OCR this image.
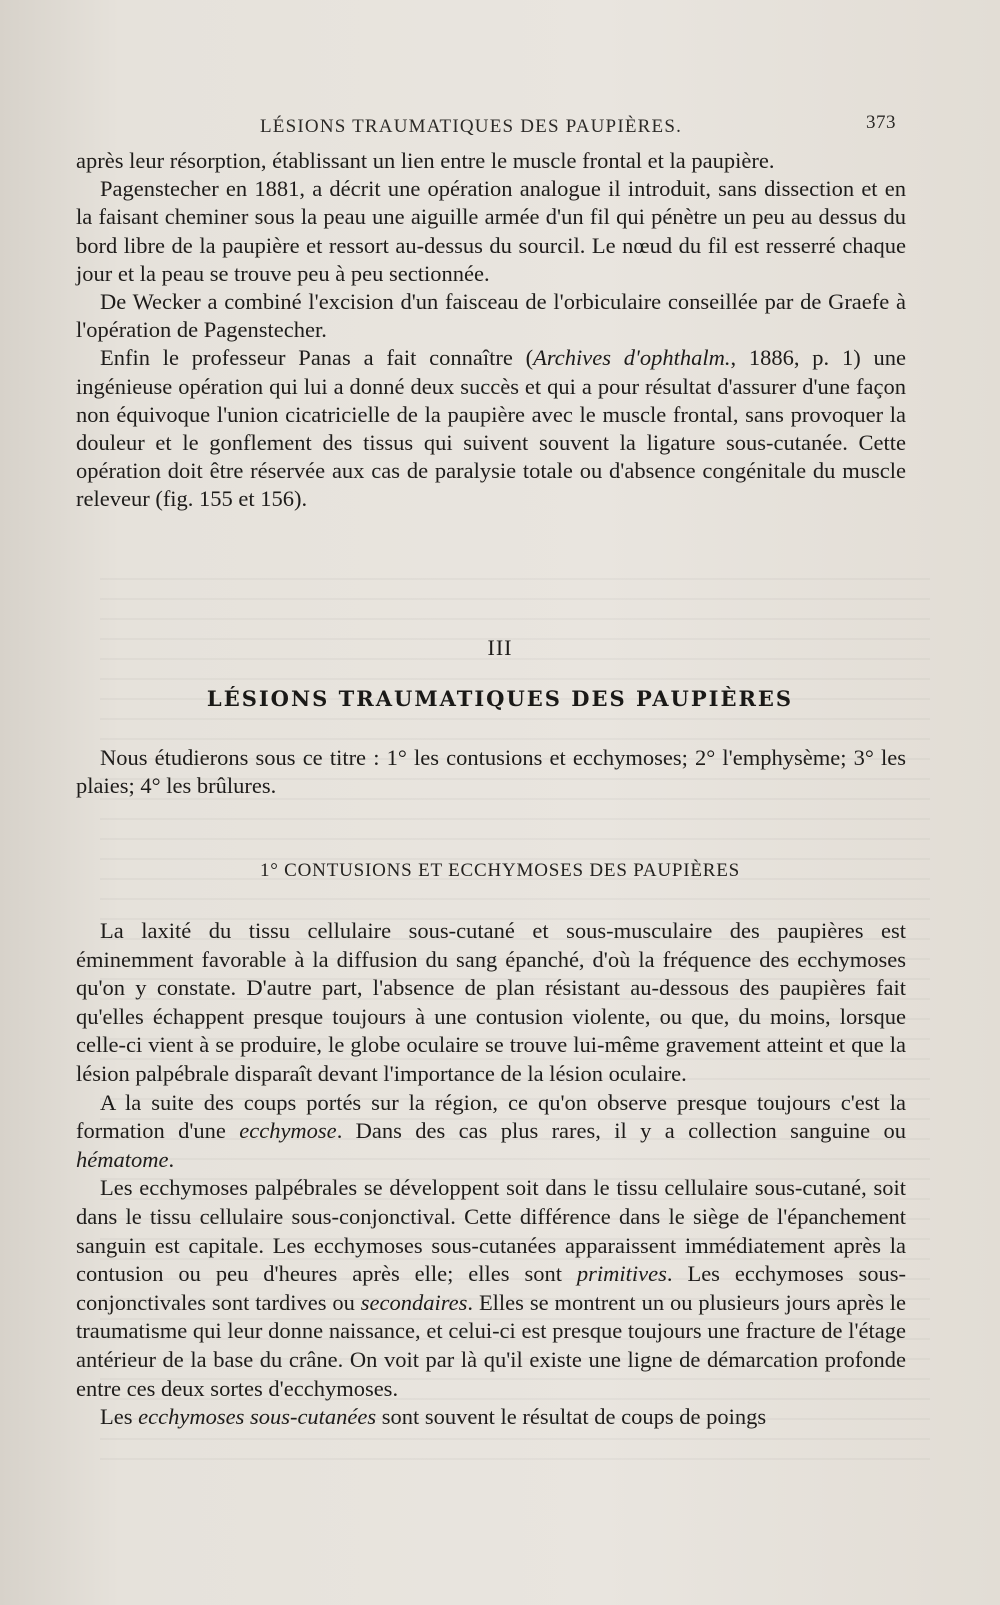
LÉSIONS TRAUMATIQUES DES PAUPIÈRES.	373

après leur résorption, établissant un lien entre le muscle frontal et la paupière.

Pagenstecher en 1881, a décrit une opération analogue il introduit, sans dissection et en la faisant cheminer sous la peau une aiguille armée d'un fil qui pénètre un peu au dessus du bord libre de la paupière et ressort au-dessus du sourcil. Le nœud du fil est resserré chaque jour et la peau se trouve peu à peu sectionnée.

De Wecker a combiné l'excision d'un faisceau de l'orbiculaire conseillée par de Graefe à l'opération de Pagenstecher.

Enfin le professeur Panas a fait connaître (Archives d'ophthalm., 1886, p. 1) une ingénieuse opération qui lui a donné deux succès et qui a pour résultat d'assurer d'une façon non équivoque l'union cicatricielle de la paupière avec le muscle frontal, sans provoquer la douleur et le gonflement des tissus qui suivent souvent la ligature sous-cutanée. Cette opération doit être réservée aux cas de paralysie totale ou d'absence congénitale du muscle releveur (fig. 155 et 156).

III
LÉSIONS TRAUMATIQUES DES PAUPIÈRES

Nous étudierons sous ce titre : 1° les contusions et ecchymoses; 2° l'emphysème; 3° les plaies; 4° les brûlures.

1° CONTUSIONS ET ECCHYMOSES DES PAUPIÈRES

La laxité du tissu cellulaire sous-cutané et sous-musculaire des paupières est éminemment favorable à la diffusion du sang épanché, d'où la fréquence des ecchymoses qu'on y constate. D'autre part, l'absence de plan résistant au-dessous des paupières fait qu'elles échappent presque toujours à une contusion violente, ou que, du moins, lorsque celle-ci vient à se produire, le globe oculaire se trouve lui-même gravement atteint et que la lésion palpébrale disparaît devant l'importance de la lésion oculaire.

A la suite des coups portés sur la région, ce qu'on observe presque toujours c'est la formation d'une ecchymose. Dans des cas plus rares, il y a collection sanguine ou hématome.

Les ecchymoses palpébrales se développent soit dans le tissu cellulaire sous-cutané, soit dans le tissu cellulaire sous-conjonctival. Cette différence dans le siège de l'épanchement sanguin est capitale. Les ecchymoses sous-cutanées apparaissent immédiatement après la contusion ou peu d'heures après elle; elles sont primitives. Les ecchymoses sous-conjonctivales sont tardives ou secondaires. Elles se montrent un ou plusieurs jours après le traumatisme qui leur donne naissance, et celui-ci est presque toujours une fracture de l'étage antérieur de la base du crâne. On voit par là qu'il existe une ligne de démarcation profonde entre ces deux sortes d'ecchymoses.

Les ecchymoses sous-cutanées sont souvent le résultat de coups de poings
